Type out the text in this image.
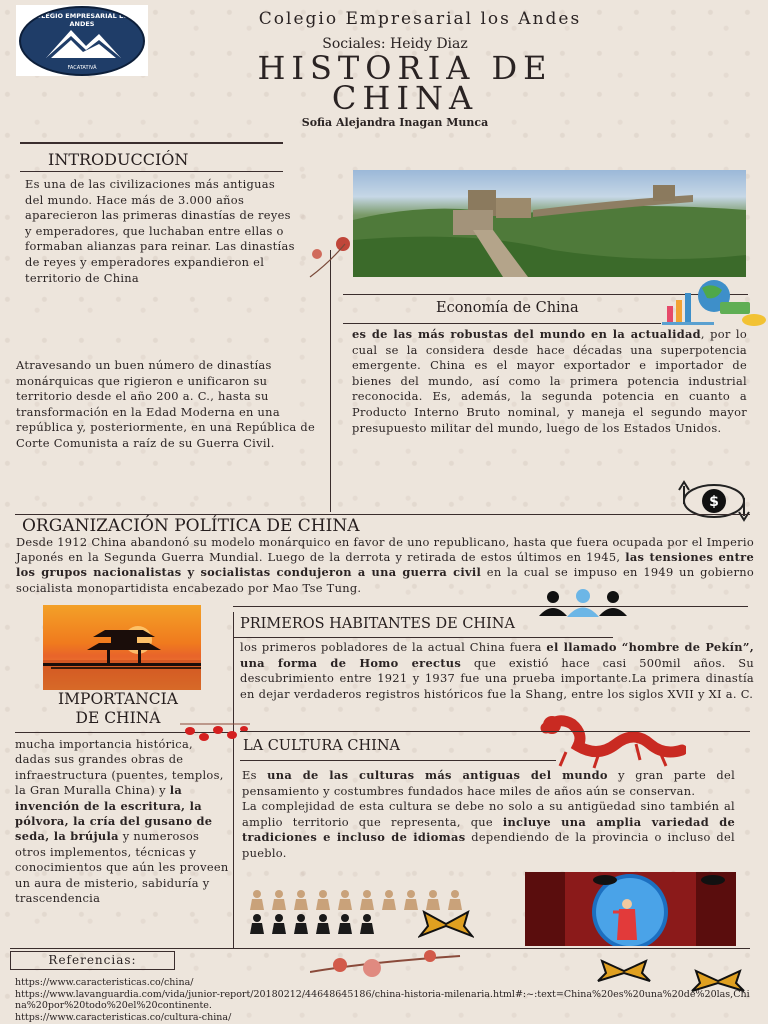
COLEGIO EMPRESARIAL LOS ANDES
FACATATIVÁ
Colegio Empresarial los Andes
Sociales: Heidy Diaz
HISTORIA DE
CHINA
Sofia Alejandra Inagan Munca
INTRODUCCIÓN
Es una de las civilizaciones más antiguas del mundo. Hace más de 3.000 años aparecieron las primeras dinastías de reyes y emperadores, que luchaban entre ellas o formaban alianzas para reinar. Las dinastías de reyes y emperadores expandieron el territorio de China
Atravesando un buen número de dinastías monárquicas que rigieron e unificaron su territorio desde el año 200 a. C., hasta su transformación en la Edad Moderna en una república y, posteriormente, en una República de Corte Comunista a raíz de su Guerra Civil.
Economía de China
es de las más robustas del mundo en la actualidad, por lo cual se la considera desde hace décadas una superpotencia emergente. China es el mayor exportador e importador de bienes del mundo, así como la primera potencia industrial reconocida. Es, además, la segunda potencia en cuanto a Producto Interno Bruto nominal, y maneja el segundo mayor presupuesto militar del mundo, luego de los Estados Unidos.
$
ORGANIZACIÓN POLÍTICA DE CHINA
Desde 1912 China abandonó su modelo monárquico en favor de uno republicano, hasta que fuera ocupada por el Imperio Japonés en la Segunda Guerra Mundial. Luego de la derrota y retirada de estos últimos en 1945, las tensiones entre los grupos nacionalistas y socialistas condujeron a una guerra civil en la cual se impuso en 1949 un gobierno socialista monopartidista encabezado por Mao Tse Tung.
PRIMEROS HABITANTES DE CHINA
los primeros pobladores de la actual China fuera el llamado “hombre de Pekín”, una forma de Homo erectus que existió hace casi 500mil años. Su descubrimiento entre 1921 y 1937 fue una prueba importante.La primera dinastía en dejar verdaderos registros históricos fue la Shang, entre los siglos XVII y XI a. C.
IMPORTANCIA
DE CHINA
mucha importancia histórica, dadas sus grandes obras de infraestructura (puentes, templos, la Gran Muralla China) y la invención de la escritura, la pólvora, la cría del gusano de seda, la brújula y numerosos otros implementos, técnicas y conocimientos que aún les proveen un aura de misterio, sabiduría y trascendencia
LA CULTURA CHINA
Es una de las culturas más antiguas del mundo y gran parte del pensamiento y costumbres fundados hace miles de años aún se conservan.
La complejidad de esta cultura se debe no solo a su antigüedad sino también al amplio territorio que representa, que incluye una amplia variedad de tradiciones e incluso de idiomas dependiendo de la provincia o incluso del pueblo.
Referencias:
https://www.caracteristicas.co/china/
https://www.lavanguardia.com/vida/junior-report/20180212/44648645186/china-historia-milenaria.html#:~:text=China%20es%20una%20de%20las,China%20por%20todo%20el%20continente.
https://www.caracteristicas.co/cultura-china/
